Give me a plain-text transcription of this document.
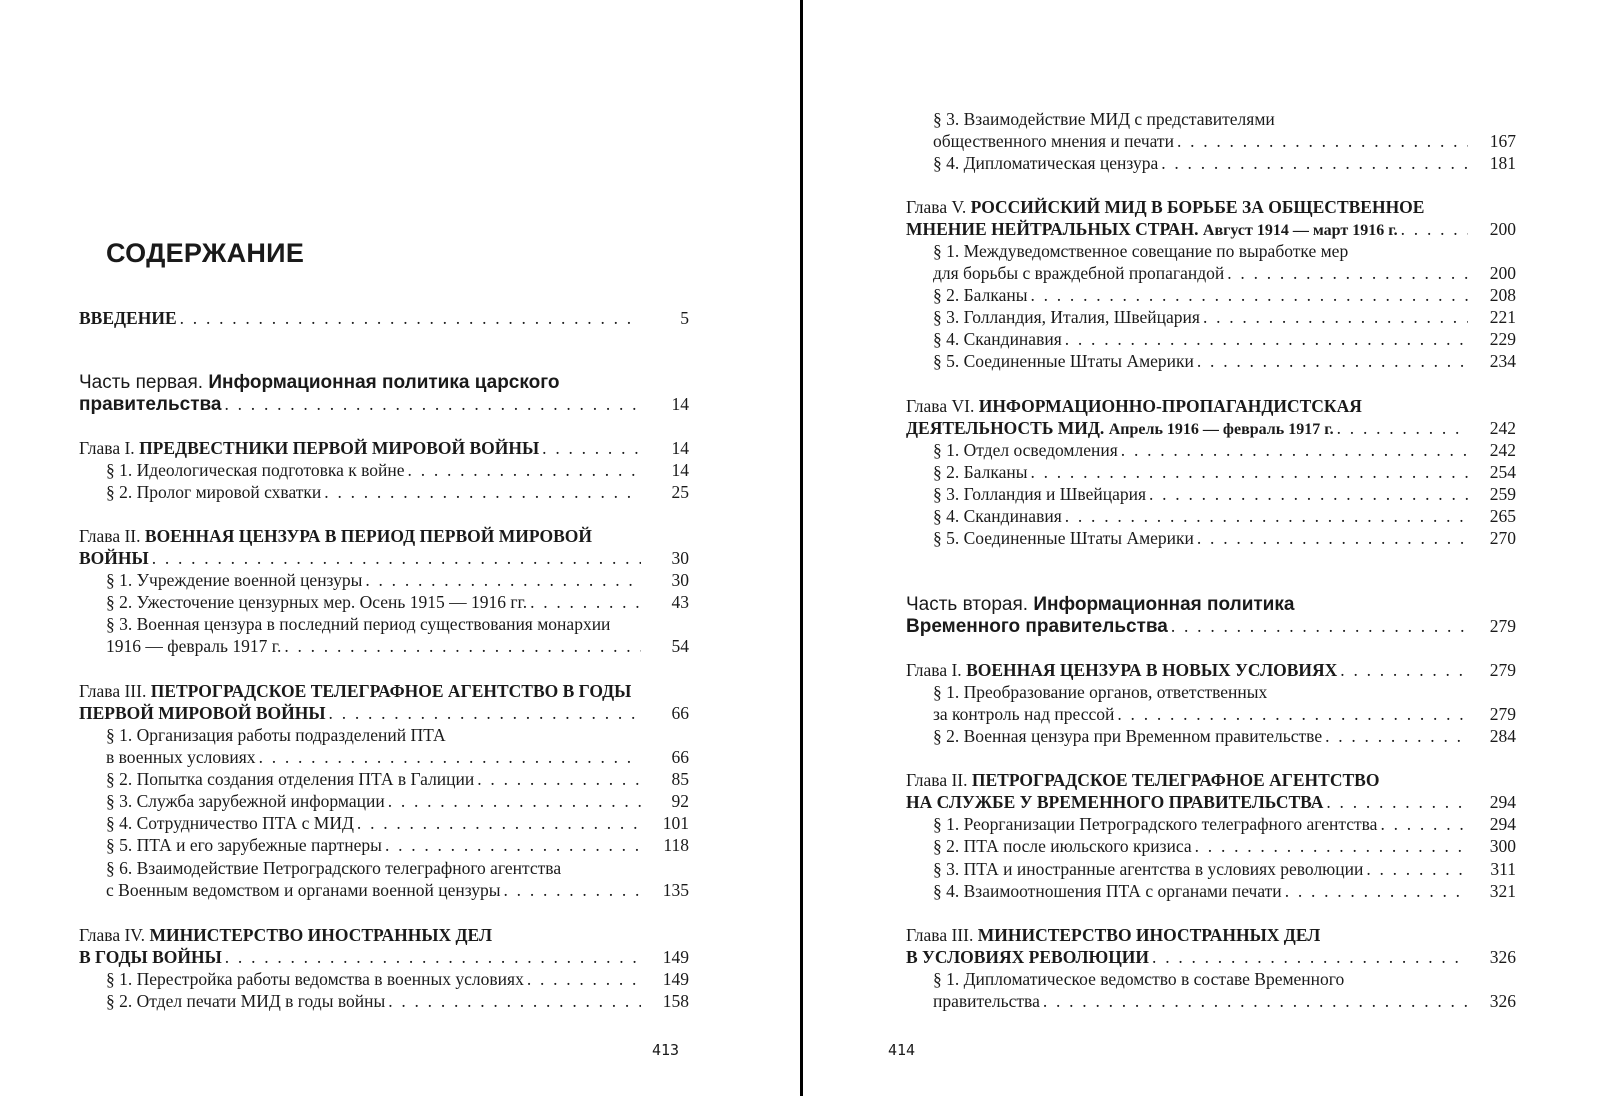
СОДЕРЖАНИЕ
ВВЕДЕНИЕ . . .	5
Часть первая. Информационная политика царского
правительства . . .	14
Глава I. ПРЕДВЕСТНИКИ ПЕРВОЙ МИРОВОЙ ВОЙНЫ . . .	14
§ 1. Идеологическая подготовка к войне . . .	14
§ 2. Пролог мировой схватки . . .	25
Глава II. ВОЕННАЯ ЦЕНЗУРА В ПЕРИОД ПЕРВОЙ МИРОВОЙ
ВОЙНЫ . . .	30
§ 1. Учреждение военной цензуры . . .	30
§ 2. Ужесточение цензурных мер. Осень 1915 — 1916 гг. . . .	43
§ 3. Военная цензура в последний период существования монархии
1916 — февраль 1917 г. . . .	54
Глава III. ПЕТРОГРАДСКОЕ ТЕЛЕГРАФНОЕ АГЕНТСТВО В ГОДЫ
ПЕРВОЙ МИРОВОЙ ВОЙНЫ . . .	66
§ 1. Организация работы подразделений ПТА
в военных условиях . . .	66
§ 2. Попытка создания отделения ПТА в Галиции . . .	85
§ 3. Служба зарубежной информации . . .	92
§ 4. Сотрудничество ПТА с МИД . . .	101
§ 5. ПТА и его зарубежные партнеры . . .	118
§ 6. Взаимодействие Петроградского телеграфного агентства
с Военным ведомством и органами военной цензуры . . .	135
Глава IV. МИНИСТЕРСТВО ИНОСТРАННЫХ ДЕЛ
В ГОДЫ ВОЙНЫ . . .	149
§ 1. Перестройка работы ведомства в военных условиях . . .	149
§ 2. Отдел печати МИД в годы войны . . .	158
413	414
§ 3. Взаимодействие МИД с представителями
общественного мнения и печати . . .	167
§ 4. Дипломатическая цензура . . .	181
Глава V. РОССИЙСКИЙ МИД В БОРЬБЕ ЗА ОБЩЕСТВЕННОЕ
МНЕНИЕ НЕЙТРАЛЬНЫХ СТРАН. Август 1914 — март 1916 г. . . .	200
§ 1. Междуведомственное совещание по выработке мер
для борьбы с враждебной пропагандой . . .	200
§ 2. Балканы . . .	208
§ 3. Голландия, Италия, Швейцария . . .	221
§ 4. Скандинавия . . .	229
§ 5. Соединенные Штаты Америки . . .	234
Глава VI. ИНФОРМАЦИОННО-ПРОПАГАНДИСТСКАЯ
ДЕЯТЕЛЬНОСТЬ МИД. Апрель 1916 — февраль 1917 г. . . .	242
§ 1. Отдел осведомления . . .	242
§ 2. Балканы . . .	254
§ 3. Голландия и Швейцария . . .	259
§ 4. Скандинавия . . .	265
§ 5. Соединенные Штаты Америки . . .	270
Часть вторая. Информационная политика
Временного правительства . . .	279
Глава I. ВОЕННАЯ ЦЕНЗУРА В НОВЫХ УСЛОВИЯХ . . .	279
§ 1. Преобразование органов, ответственных
за контроль над прессой . . .	279
§ 2. Военная цензура при Временном правительстве . . .	284
Глава II. ПЕТРОГРАДСКОЕ ТЕЛЕГРАФНОЕ АГЕНТСТВО
НА СЛУЖБЕ У ВРЕМЕННОГО ПРАВИТЕЛЬСТВА . . .	294
§ 1. Реорганизации Петроградского телеграфного агентства . . .	294
§ 2. ПТА после июльского кризиса . . .	300
§ 3. ПТА и иностранные агентства в условиях революции . . .	311
§ 4. Взаимоотношения ПТА с органами печати . . .	321
Глава III. МИНИСТЕРСТВО ИНОСТРАННЫХ ДЕЛ
В УСЛОВИЯХ РЕВОЛЮЦИИ . . .	326
§ 1. Дипломатическое ведомство в составе Временного
правительства . . .	326
